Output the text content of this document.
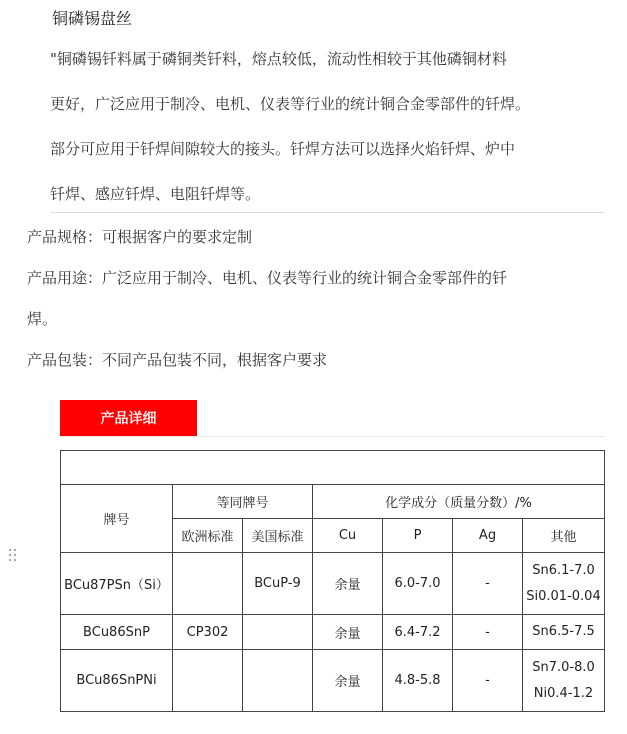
铜磷锡盘丝
"铜磷锡钎料属于磷铜类钎料，熔点较低，流动性相较于其他磷铜材料
更好，广泛应用于制冷、电机、仪表等行业的统计铜合金零部件的钎焊。
部分可应用于钎焊间隙较大的接头。钎焊方法可以选择火焰钎焊、炉中
钎焊、感应钎焊、电阻钎焊等。
产品规格：可根据客户的要求定制
产品用途：广泛应用于制冷、电机、仪表等行业的统计铜合金零部件的钎
焊。
产品包装：不同产品包装不同，根据客户要求
产品详细

牌号	等同牌号		化学成分（质量分数）/%			
	欧洲标准	美国标准	Cu	P	Ag	其他
BCu87PSn（Si）		BCuP-9	余量	6.0-7.0	-	Sn6.1-7.0
Si0.01-0.04

BCu86SnP	CP302		余量	6.4-7.2	-	Sn6.5-7.5

BCu86SnPNi			余量	4.8-5.8	-	Sn7.0-8.0
Ni0.4-1.2
